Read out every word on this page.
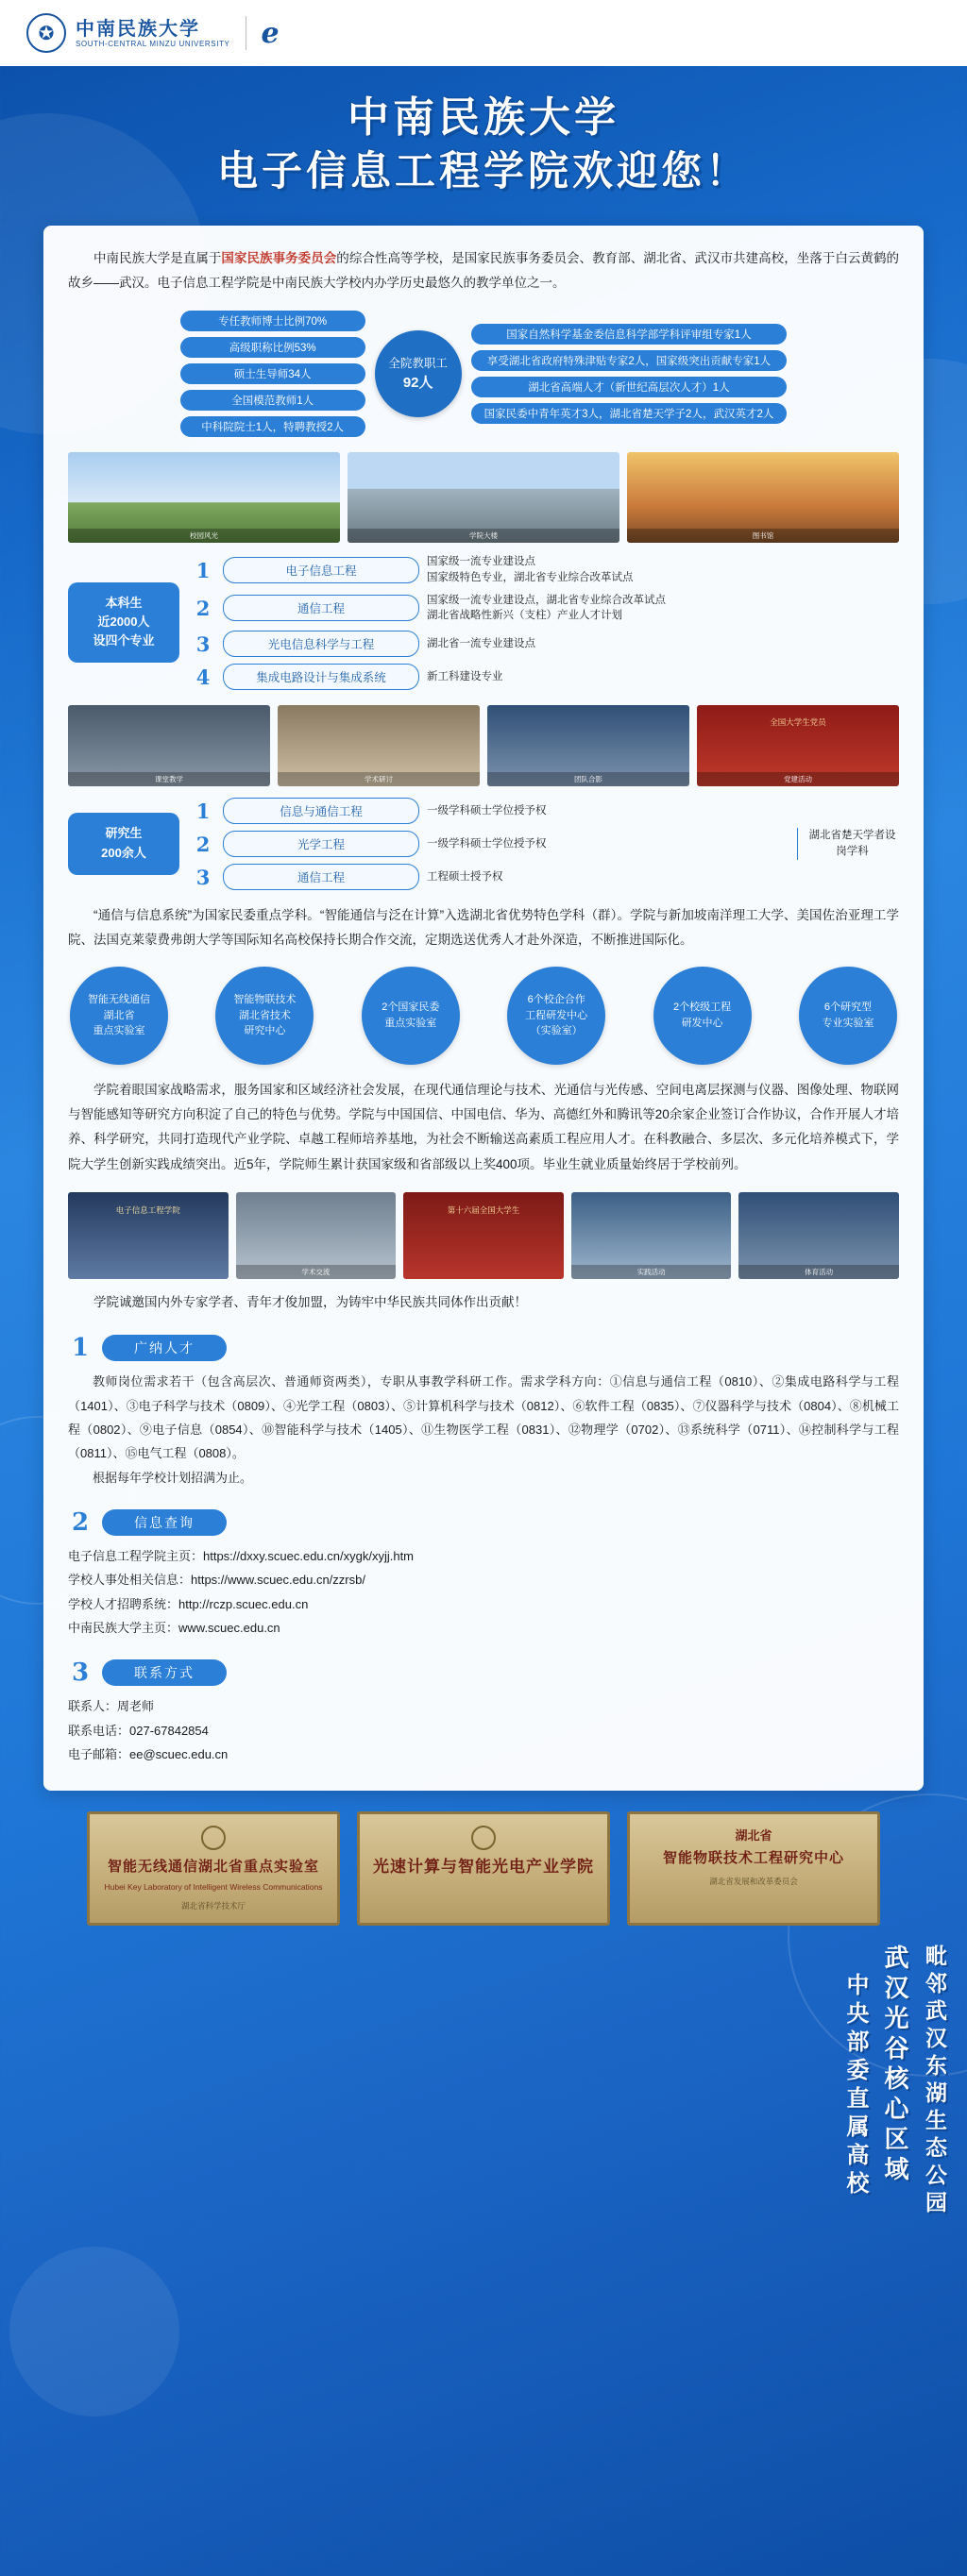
✪	中南民族大学
SOUTH-CENTRAL MINZU UNIVERSITY e
中南民族大学
电子信息工程学院欢迎您！
毗邻武汉东湖生态公园
武汉光谷核心区域
中央部委直属高校

中南民族大学是直属于国家民族事务委员会的综合性高等学校，是国家民族事务委员会、教育部、湖北省、武汉市共建高校，坐落于白云黄鹤的故乡——武汉。电子信息工程学院是中南民族大学校内办学历史最悠久的教学单位之一。

专任教师博士比例70%
高级职称比例53%
硕士生导师34人
全国模范教师1人
中科院院士1人，特聘教授2人
全院教职工
92人
国家自然科学基金委信息科学部学科评审组专家1人
享受湖北省政府特殊津贴专家2人，国家级突出贡献专家1人
湖北省高端人才（新世纪高层次人才）1人
国家民委中青年英才3人，湖北省楚天学子2人，武汉英才2人
校园风光	学院大楼	图书馆
本科生
近2000人
设四个专业
1	电子信息工程
国家级一流专业建设点
国家级特色专业，湖北省专业综合改革试点
2	通信工程
国家级一流专业建设点，湖北省专业综合改革试点
湖北省战略性新兴（支柱）产业人才计划
3	光电信息科学与工程	湖北省一流专业建设点
4	集成电路设计与集成系统	新工科建设专业
课堂教学	学术研讨	团队合影
全国大学生党员
党建活动
研究生
200余人
1	信息与通信工程	一级学科硕士学位授予权
2	光学工程	一级学科硕士学位授予权
3	通信工程	工程硕士授予权
湖北省楚天学者设岗学科

“通信与信息系统”为国家民委重点学科。“智能通信与泛在计算”入选湖北省优势特色学科（群）。学院与新加坡南洋理工大学、美国佐治亚理工学院、法国克莱蒙费弗朗大学等国际知名高校保持长期合作交流，定期选送优秀人才赴外深造，不断推进国际化。

智能无线通信
湖北省
重点实验室
智能物联技术
湖北省技术
研究中心
2个国家民委
重点实验室
6个校企合作
工程研发中心
（实验室）
2个校级工程
研发中心
6个研究型
专业实验室

学院着眼国家战略需求，服务国家和区域经济社会发展，在现代通信理论与技术、光通信与光传感、空间电离层探测与仪器、图像处理、物联网与智能感知等研究方向积淀了自己的特色与优势。学院与中国国信、中国电信、华为、高德红外和腾讯等20余家企业签订合作协议，合作开展人才培养、科学研究，共同打造现代产业学院、卓越工程师培养基地，为社会不断输送高素质工程应用人才。在科教融合、多层次、多元化培养模式下，学院大学生创新实践成绩突出。近5年，学院师生累计获国家级和省部级以上奖400项。毕业生就业质量始终居于学校前列。

电子信息工程学院
学术交流
第十六届全国大学生
实践活动	体育活动

学院诚邀国内外专家学者、青年才俊加盟，为铸牢中华民族共同体作出贡献！

1	广纳人才

教师岗位需求若干（包含高层次、普通师资两类），专职从事教学科研工作。需求学科方向：①信息与通信工程（0810）、②集成电路科学与工程（1401）、③电子科学与技术（0809）、④光学工程（0803）、⑤计算机科学与技术（0812）、⑥软件工程（0835）、⑦仪器科学与技术（0804）、⑧机械工程（0802）、⑨电子信息（0854）、⑩智能科学与技术（1405）、⑪生物医学工程（0831）、⑫物理学（0702）、⑬系统科学（0711）、⑭控制科学与工程（0811）、⑮电气工程（0808）。

根据每年学校计划招满为止。

2	信息查询
电子信息工程学院主页：https://dxxy.scuec.edu.cn/xygk/xyjj.htm
学校人事处相关信息：https://www.scuec.edu.cn/zzrsb/
学校人才招聘系统：http://rczp.scuec.edu.cn
中南民族大学主页：www.scuec.edu.cn
3	联系方式
联系人：周老师
联系电话：027-67842854
电子邮箱：ee@scuec.edu.cn
智能无线通信湖北省重点实验室
Hubei Key Laboratory of Intelligent Wireless Communications
湖北省科学技术厅
光速计算与智能光电产业学院
湖北省
智能物联技术工程研究中心
湖北省发展和改革委员会
